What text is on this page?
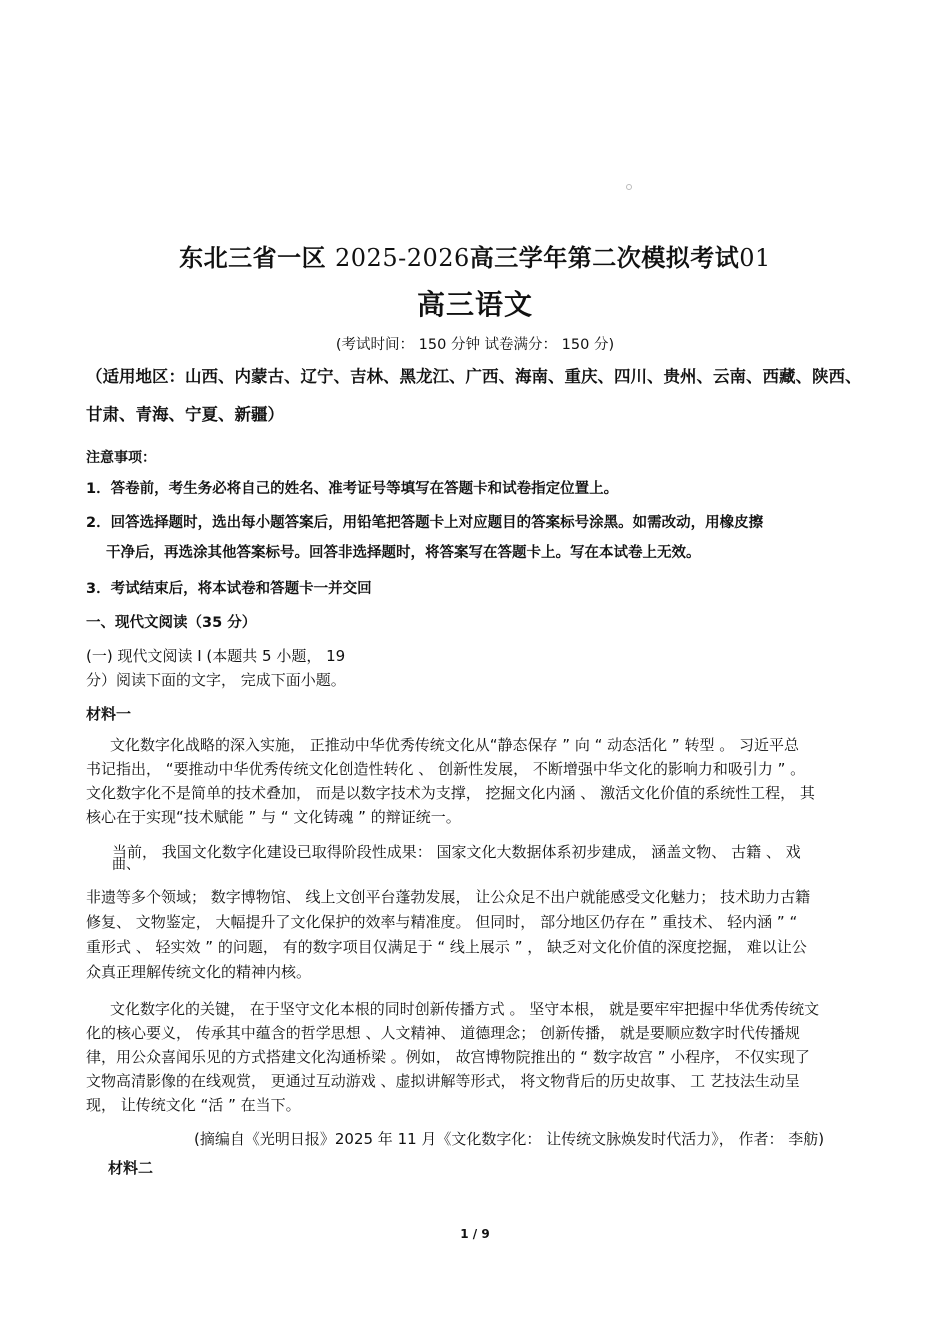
东北三省一区 2025-2026高三学年第二次模拟考试01
高三语文
(考试时间： 150 分钟 试卷满分： 150 分)
（适用地区：山西、内蒙古、辽宁、吉林、黑龙江、广西、海南、重庆、四川、贵州、云南、西藏、陕西、甘肃、青海、宁夏、新疆）
注意事项：
1．答卷前，考生务必将自己的姓名、准考证号等填写在答题卡和试卷指定位置上。
2．回答选择题时，选出每小题答案后，用铅笔把答题卡上对应题目的答案标号涂黑。如需改动，用橡皮擦
干净后，再选涂其他答案标号。回答非选择题时，将答案写在答题卡上。写在本试卷上无效。
3．考试结束后，将本试卷和答题卡一并交回
一、现代文阅读（35 分）
(一) 现代文阅读 Ⅰ (本题共 5 小题， 19
分）阅读下面的文字， 完成下面小题。
材料一
文化数字化战略的深入实施， 正推动中华优秀传统文化从“静态保存 ” 向 “ 动态活化 ” 转型 。 习近平总
书记指出， “要推动中华优秀传统文化创造性转化 、 创新性发展， 不断增强中华文化的影响力和吸引力 ” 。
文化数字化不是简单的技术叠加， 而是以数字技术为支撑， 挖掘文化内涵 、 激活文化价值的系统性工程， 其
核心在于实现“技术赋能 ” 与 “ 文化铸魂 ” 的辩证统一。
当前， 我国文化数字化建设已取得阶段性成果： 国家文化大数据体系初步建成， 涵盖文物、 古籍 、 戏
曲、
非遗等多个领域； 数字博物馆、 线上文创平台蓬勃发展， 让公众足不出户就能感受文化魅力； 技术助力古籍
修复、 文物鉴定， 大幅提升了文化保护的效率与精准度。 但同时， 部分地区仍存在 ” 重技术、 轻内涵 ” “
重形式 、 轻实效 ” 的问题， 有的数字项目仅满足于 “ 线上展示 ” ， 缺乏对文化价值的深度挖掘， 难以让公
众真正理解传统文化的精神内核。
文化数字化的关键， 在于坚守文化本根的同时创新传播方式 。 坚守本根， 就是要牢牢把握中华优秀传统文
化的核心要义， 传承其中蕴含的哲学思想 、人文精神、 道德理念； 创新传播， 就是要顺应数字时代传播规
律，用公众喜闻乐见的方式搭建文化沟通桥梁 。例如， 故宫博物院推出的 “ 数字故宫 ” 小程序， 不仅实现了
文物高清影像的在线观赏， 更通过互动游戏 、虚拟讲解等形式， 将文物背后的历史故事、 工 艺技法生动呈
现， 让传统文化 “活 ” 在当下。
(摘编自《光明日报》2025 年 11 月《文化数字化： 让传统文脉焕发时代活力》， 作者： 李舫)
材料二
1 / 9
